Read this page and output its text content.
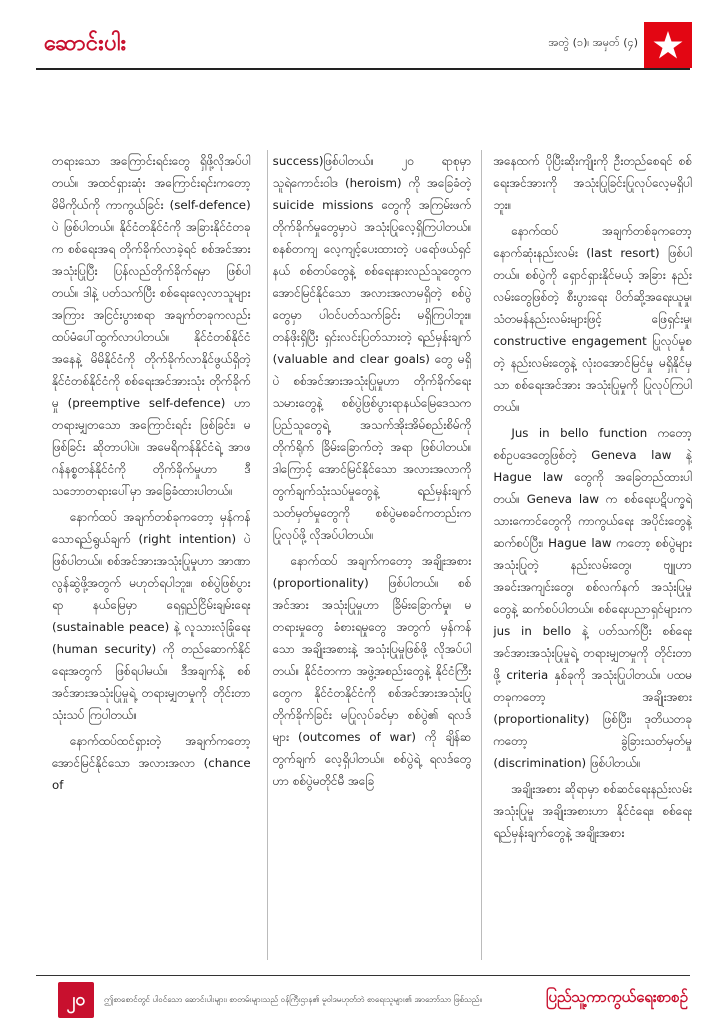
ဆောင်းပါး	အတွဲ (၁)၊ အမှတ် (၄)

တရားသော အကြောင်းရင်းတွေ ရှိဖို့လိုအပ်ပါတယ်။ အထင်ရှားဆုံး အကြောင်းရင်းကတော့ မိမိကိုယ်ကို ကာကွယ်ခြင်း (self-defence) ပဲ ဖြစ်ပါတယ်။ နိုင်ငံတနိုင်ငံကို အခြားနိုင်ငံတခုက စစ်ရေးအရ တိုက်ခိုက်လာခဲ့ရင် စစ်အင်အား အသုံးပြုပြီး ပြန်လည်တိုက်ခိုက်ရမှာ ဖြစ်ပါတယ်။ ဒါနဲ့ ပတ်သက်ပြီး စစ်ရေးလေ့လာသူများအကြား အငြင်းပွားစရာ အချက်တခုကလည်း ထပ်မံပေါ်ထွက်လာပါတယ်။ နိုင်ငံတစ်နိုင်ငံအနေနဲ့ မိမိနိုင်ငံကို တိုက်ခိုက်လာနိုင်ဖွယ်ရှိတဲ့ နိုင်ငံတစ်နိုင်ငံကို စစ်ရေးအင်အားသုံး တိုက်ခိုက်မှု (preemptive self-defence) ဟာ တရားမျှတသော အကြောင်းရင်း ဖြစ်ခြင်း၊ မဖြစ်ခြင်း ဆိုတာပါပဲ။ အမေရိကန်နိုင်ငံရဲ့ အာဖဂန်နစ္စတန်နိုင်ငံကို တိုက်ခိုက်မှုဟာ ဒီသဘောတရားပေါ်မှာ အခြေခံထားပါတယ်။

နောက်ထပ် အချက်တစ်ခုကတော့ မှန်ကန်သောရည်ရွယ်ချက် (right intention) ပဲ ဖြစ်ပါတယ်။ စစ်အင်အားအသုံးပြုမှုဟာ အာဏာလွန်ဆွဲဖို့အတွက် မဟုတ်ရပါဘူး။ စစ်ပွဲဖြစ်ပွားရာ နယ်မြေမှာ ရေရှည်ငြိမ်းချမ်းရေး (sustainable peace) နဲ့ လူသားလုံခြုံရေး (human security) ကို တည်ဆောက်နိုင်ရေးအတွက် ဖြစ်ရပါမယ်။ ဒီအချက်နဲ့ စစ်အင်အားအသုံးပြုမှုရဲ့ တရားမျှတမှုကို တိုင်းတာသုံးသပ် ကြပါတယ်။

နောက်ထပ်ထင်ရှားတဲ့ အချက်ကတော့ အောင်မြင်နိုင်သော အလားအလာ (chance of

success)ဖြစ်ပါတယ်။ ၂၀ ရာစုမှာ သူရဲကောင်းဝါဒ (heroism) ကို အခြေခံတဲ့ suicide missions တွေကို အကြမ်းဖက်တိုက်ခိုက်မှုတွေမှာပဲ အသုံးပြုလေ့ရှိကြပါတယ်။ စနစ်တကျ လေ့ကျင့်ပေးထားတဲ့ ပရော်ဖယ်ရှင်နယ် စစ်တပ်တွေနဲ့ စစ်ရေးနားလည်သူတွေက အောင်မြင်နိုင်သော အလားအလာမရှိတဲ့ စစ်ပွဲတွေမှာ ပါဝင်ပတ်သက်ခြင်း မရှိကြပါဘူး။ တန်ဖိုးရှိပြီး ရှင်းလင်းပြတ်သားတဲ့ ရည်မှန်းချက် (valuable and clear goals) တွေ မရှိပဲ စစ်အင်အားအသုံးပြုမှုဟာ တိုက်ခိုက်ရေးသမားတွေနဲ့ စစ်ပွဲဖြစ်ပွားရာနယ်မြေဒေသက ပြည်သူတွေရဲ့ အသက်အိုးအိမ်စည်းစိမ်ကို တိုက်ရိုက် ခြိမ်းခြောက်တဲ့ အရာ ဖြစ်ပါတယ်။ ဒါကြောင့် အောင်မြင်နိုင်သော အလားအလာကို တွက်ချက်သုံးသပ်မှုတွေနဲ့ ရည်မှန်းချက် သတ်မှတ်မှုတွေကို စစ်ပွဲမစခင်ကတည်းက ပြုလုပ်ဖို့ လိုအပ်ပါတယ်။

နောက်ထပ် အချက်ကတော့ အချိုးအစား (proportionality) ဖြစ်ပါတယ်။ စစ်အင်အား အသုံးပြုမှုဟာ ခြိမ်းခြောက်မှု၊ မတရားမှုတွေ ခံစားရမှုတွေ အတွက် မှန်ကန်သော အချိုးအစားနဲ့ အသုံးပြုမှုဖြစ်ဖို့ လိုအပ်ပါတယ်။ နိုင်ငံတကာ အဖွဲ့အစည်းတွေနဲ့ နိုင်ငံကြီးတွေက နိုင်ငံတနိုင်ငံကို စစ်အင်အားအသုံးပြု တိုက်ခိုက်ခြင်း မပြုလုပ်ခင်မှာ စစ်ပွဲ၏ ရလဒ်များ (outcomes of war) ကို ချိန်ဆတွက်ချက် လေ့ရှိပါတယ်။ စစ်ပွဲရဲ့ ရလဒ်တွေဟာ စစ်ပွဲမတိုင်မီ အခြေ

အနေထက် ပိုပြီးဆိုးကျိုးကို ဦးတည်စေရင် စစ်ရေးအင်အားကို အသုံးပြုခြင်းပြုလုပ်လေ့မရှိပါဘူး။

နောက်ထပ် အချက်တစ်ခုကတော့ နောက်ဆုံးနည်းလမ်း (last resort) ဖြစ်ပါတယ်။ စစ်ပွဲကို ရှောင်ရှားနိုင်မယ့် အခြား နည်းလမ်းတွေဖြစ်တဲ့ စီးပွားရေး ပိတ်ဆို့အရေးယူမှု၊ သံတမန်နည်းလမ်းများဖြင့် ဖြေရှင်းမှု၊ constructive engagement ပြုလုပ်မှုစတဲ့ နည်းလမ်းတွေနဲ့ လုံးဝအောင်မြင်မှု မရှိနိုင်မှသာ စစ်ရေးအင်အား အသုံးပြုမှုကို ပြုလုပ်ကြပါတယ်။

Jus in bello function ကတော့ စစ်ဥပဒေတွေဖြစ်တဲ့ Geneva law နဲ့ Hague law တွေကို အခြေတည်ထားပါတယ်။ Geneva law က စစ်ရေးပဋိပက္ခရဲ့ သားကောင်တွေကို ကာကွယ်ရေး အပိုင်းတွေနဲ့ ဆက်စပ်ပြီး၊ Hague law ကတော့ စစ်ပွဲများ အသုံးပြုတဲ့ နည်းလမ်းတွေ၊ ဗျူဟာ အခင်းအကျင်းတွေ၊ စစ်လက်နက် အသုံးပြုမှုတွေနဲ့ ဆက်စပ်ပါတယ်။ စစ်ရေးပညာရှင်များက jus in bello နဲ့ ပတ်သက်ပြီး စစ်ရေး အင်အားအသုံးပြုမှုရဲ့ တရားမျှတမှုကို တိုင်းတာဖို့ criteria နှစ်ခုကို အသုံးပြုပါတယ်။ ပထမတခုကတော့ အချိုးအစား (proportionality) ဖြစ်ပြီး၊ ဒုတိယတခုကတော့ ခွဲခြားသတ်မှတ်မှု (discrimination) ဖြစ်ပါတယ်။

အချိုးအစား ဆိုရာမှာ စစ်ဆင်ရေးနည်းလမ်း အသုံးပြုမှု အချိုးအစားဟာ နိုင်ငံရေး၊ စစ်ရေး ရည်မှန်းချက်တွေနဲ့ အချိုးအစား

၂၀	ဤစာစောင်တွင် ပါဝင်သော ဆောင်းပါးများ၊ စာတမ်းများသည် ဝန်ကြီးဌာန၏ မူဝါဒမဟုတ်ဘဲ စာရေးသူများ၏ အာဘော်သာ ဖြစ်သည်။	ပြည်သူ့ကာကွယ်ရေးစာစဉ်
